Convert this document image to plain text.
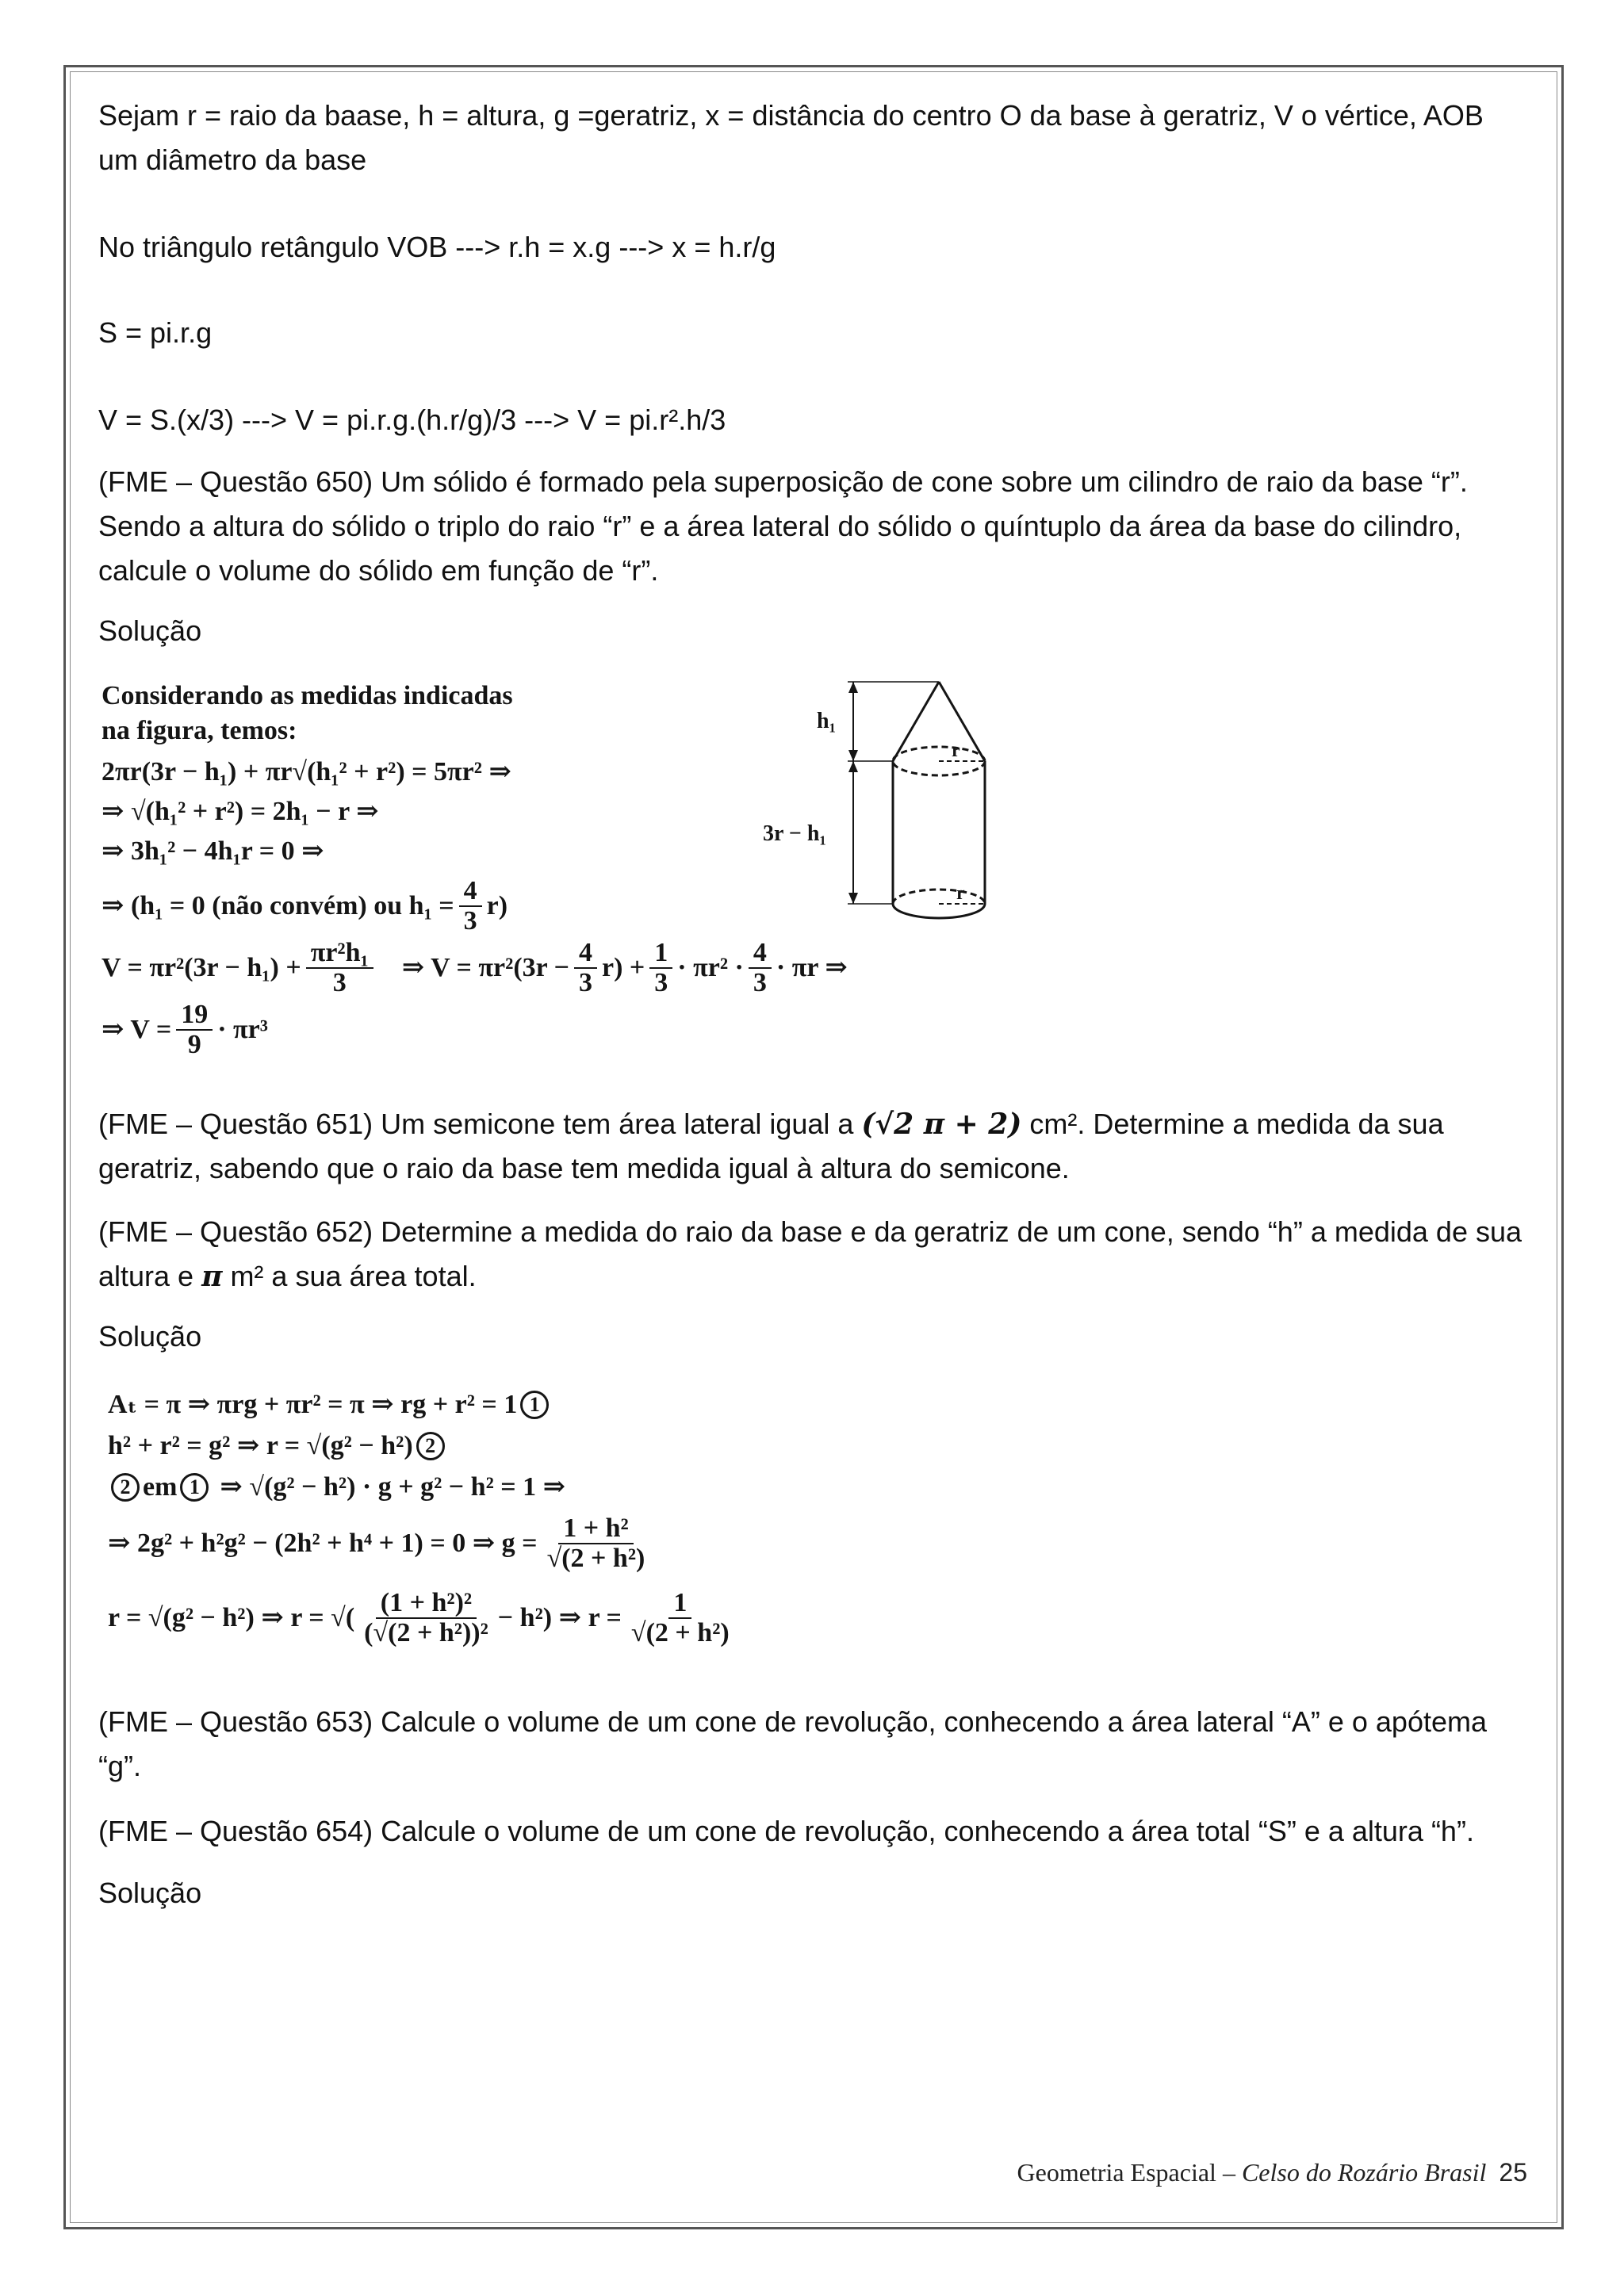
Sejam r = raio da baase, h = altura, g =geratriz, x = distância do centro O da base à geratriz, V o vértice, AOB um diâmetro da base

No triângulo retângulo VOB ---> r.h = x.g ---> x = h.r/g

S = pi.r.g

V = S.(x/3) ---> V = pi.r.g.(h.r/g)/3 ---> V = pi.r².h/3

(FME – Questão 650) Um sólido é formado pela superposição de cone sobre um cilindro de raio da base “r”. Sendo a altura do sólido o triplo do raio “r” e a área lateral do sólido o quíntuplo da área da base do cilindro, calcule o volume do sólido em função de “r”.

Solução

Considerando as medidas indicadas
na figura, temos:
2πr(3r − h₁) + πr√(h₁² + r²) = 5πr² ⇒
⇒ √(h₁² + r²) = 2h₁ − r ⇒
⇒ 3h₁² − 4h₁r = 0 ⇒
⇒ (h₁ = 0 (não convém) ou $h_1 = \frac{4}{3} r$)
$V = \pi r^2(3r - h_1) + \frac{\text{πr²h₁}}{3}$ ⇒ $V = \pi r^2(3r - \frac{4}{3} r) + \frac{1}{3} \cdot \pi r^2 \cdot \frac{4}{3} \cdot \pi r$ ⇒
⇒ $V = \frac{19}{9} \cdot \pi r^3$
h₁
r
r
3r − h₁

(FME – Questão 651) Um semicone tem área lateral igual a (√2 π + 2) cm². Determine a medida da sua geratriz, sabendo que o raio da base tem medida igual à altura do semicone.

(FME – Questão 652) Determine a medida do raio da base e da geratriz de um cone, sendo “h” a medida de sua altura e π m² a sua área total.

Solução

Aₜ = π ⇒ πrg + πr² = π ⇒ rg + r² = 1 1
h² + r² = g² ⇒ r = √(g² − h²) 2
2 em 1 ⇒ √(g² − h²) · g + g² − h² = 1 ⇒
⇒ 2g² + h²g² − (2h² + h⁴ + 1) = 0 ⇒ $g = \frac{\text{1 + h²}}{\text{√(2 + h²)}}$
r = √(g² − h²) ⇒ r = √( $\frac{\text{(1 + h²)²}}{\text{(√(2 + h²))²}} - h^2$) ⇒ $r = \frac{1}{\text{√(2 + h²)}}$

(FME – Questão 653) Calcule o volume de um cone de revolução, conhecendo a área lateral “A” e o apótema “g”.

(FME – Questão 654) Calcule o volume de um cone de revolução, conhecendo a área total “S” e a altura “h”.

Solução

Geometria Espacial – Celso do Rozário Brasil 25
